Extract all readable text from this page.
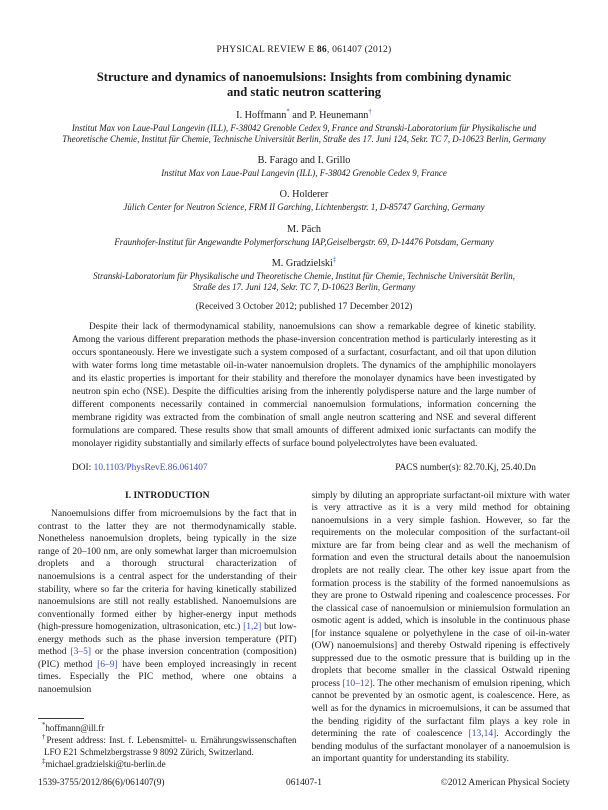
PHYSICAL REVIEW E 86, 061407 (2012)
Structure and dynamics of nanoemulsions: Insights from combining dynamic
and static neutron scattering
I. Hoffmann* and P. Heunemann†
Institut Max von Laue-Paul Langevin (ILL), F-38042 Grenoble Cedex 9, France and Stranski-Laboratorium für Physikalische und
Theoretische Chemie, Institut für Chemie, Technische Universität Berlin, Straße des 17. Juni 124, Sekr. TC 7, D-10623 Berlin, Germany
B. Farago and I. Grillo
Institut Max von Laue-Paul Langevin (ILL), F-38042 Grenoble Cedex 9, France
O. Holderer
Jülich Center for Neutron Science, FRM II Garching, Lichtenbergstr. 1, D-85747 Garching, Germany
M. Päch
Fraunhofer-Institut für Angewandte Polymerforschung IAP,Geiselbergstr. 69, D-14476 Potsdam, Germany
M. Gradzielski‡
Stranski-Laboratorium für Physikalische und Theoretische Chemie, Institut für Chemie, Technische Universität Berlin,
Straße des 17. Juni 124, Sekr. TC 7, D-10623 Berlin, Germany
(Received 3 October 2012; published 17 December 2012)
Despite their lack of thermodynamical stability, nanoemulsions can show a remarkable degree of kinetic stability. Among the various different preparation methods the phase-inversion concentration method is particularly interesting as it occurs spontaneously. Here we investigate such a system composed of a surfactant, cosurfactant, and oil that upon dilution with water forms long time metastable oil-in-water nanoemulsion droplets. The dynamics of the amphiphilic monolayers and its elastic properties is important for their stability and therefore the monolayer dynamics have been investigated by neutron spin echo (NSE). Despite the difficulties arising from the inherently polydisperse nature and the large number of different components necessarily contained in commercial nanoemulsion formulations, information concerning the membrane rigidity was extracted from the combination of small angle neutron scattering and NSE and several different formulations are compared. These results show that small amounts of different admixed ionic surfactants can modify the monolayer rigidity substantially and similarly effects of surface bound polyelectrolytes have been evaluated.
DOI: 10.1103/PhysRevE.86.061407	PACS number(s): 82.70.Kj, 25.40.Dn
I. INTRODUCTION
Nanoemulsions differ from microemulsions by the fact that in contrast to the latter they are not thermodynamically stable. Nonetheless nanoemulsion droplets, being typically in the size range of 20–100 nm, are only somewhat larger than microemulsion droplets and a thorough structural characterization of nanoemulsions is a central aspect for the understanding of their stability, where so far the criteria for having kinetically stabilized nanoemulsions are still not really established. Nanoemulsions are conventionally formed either by higher-energy input methods (high-pressure homogenization, ultrasonication, etc.) [1,2] but low-energy methods such as the phase inversion temperature (PIT) method [3–5] or the phase inversion concentration (composition) (PIC) method [6–9] have been employed increasingly in recent times. Especially the PIC method, where one obtains a nanoemulsion
*hoffmann@ill.fr
†Present address: Inst. f. Lebensmittel- u. Ernährungswissenschaften LFO E21 Schmelzbergstrasse 9 8092 Zürich, Switzerland.
‡michael.gradzielski@tu-berlin.de
simply by diluting an appropriate surfactant-oil mixture with water is very attractive as it is a very mild method for obtaining nanoemulsions in a very simple fashion. However, so far the requirements on the molecular composition of the surfactant-oil mixture are far from being clear and as well the mechanism of formation and even the structural details about the nanoemulsion droplets are not really clear. The other key issue apart from the formation process is the stability of the formed nanoemulsions as they are prone to Ostwald ripening and coalescence processes. For the classical case of nanoemulsion or miniemulsion formulation an osmotic agent is added, which is insoluble in the continuous phase [for instance squalene or polyethylene in the case of oil-in-water (OW) nanoemulsions] and thereby Ostwald ripening is effectively suppressed due to the osmotic pressure that is building up in the droplets that become smaller in the classical Ostwald ripening process [10–12]. The other mechanism of emulsion ripening, which cannot be prevented by an osmotic agent, is coalescence. Here, as well as for the dynamics in microemulsions, it can be assumed that the bending rigidity of the surfactant film plays a key role in determining the rate of coalescence [13,14]. Accordingly the bending modulus of the surfactant monolayer of a nanoemulsion is an important quantity for understanding its stability.
1539-3755/2012/86(6)/061407(9)	061407-1	©2012 American Physical Society
